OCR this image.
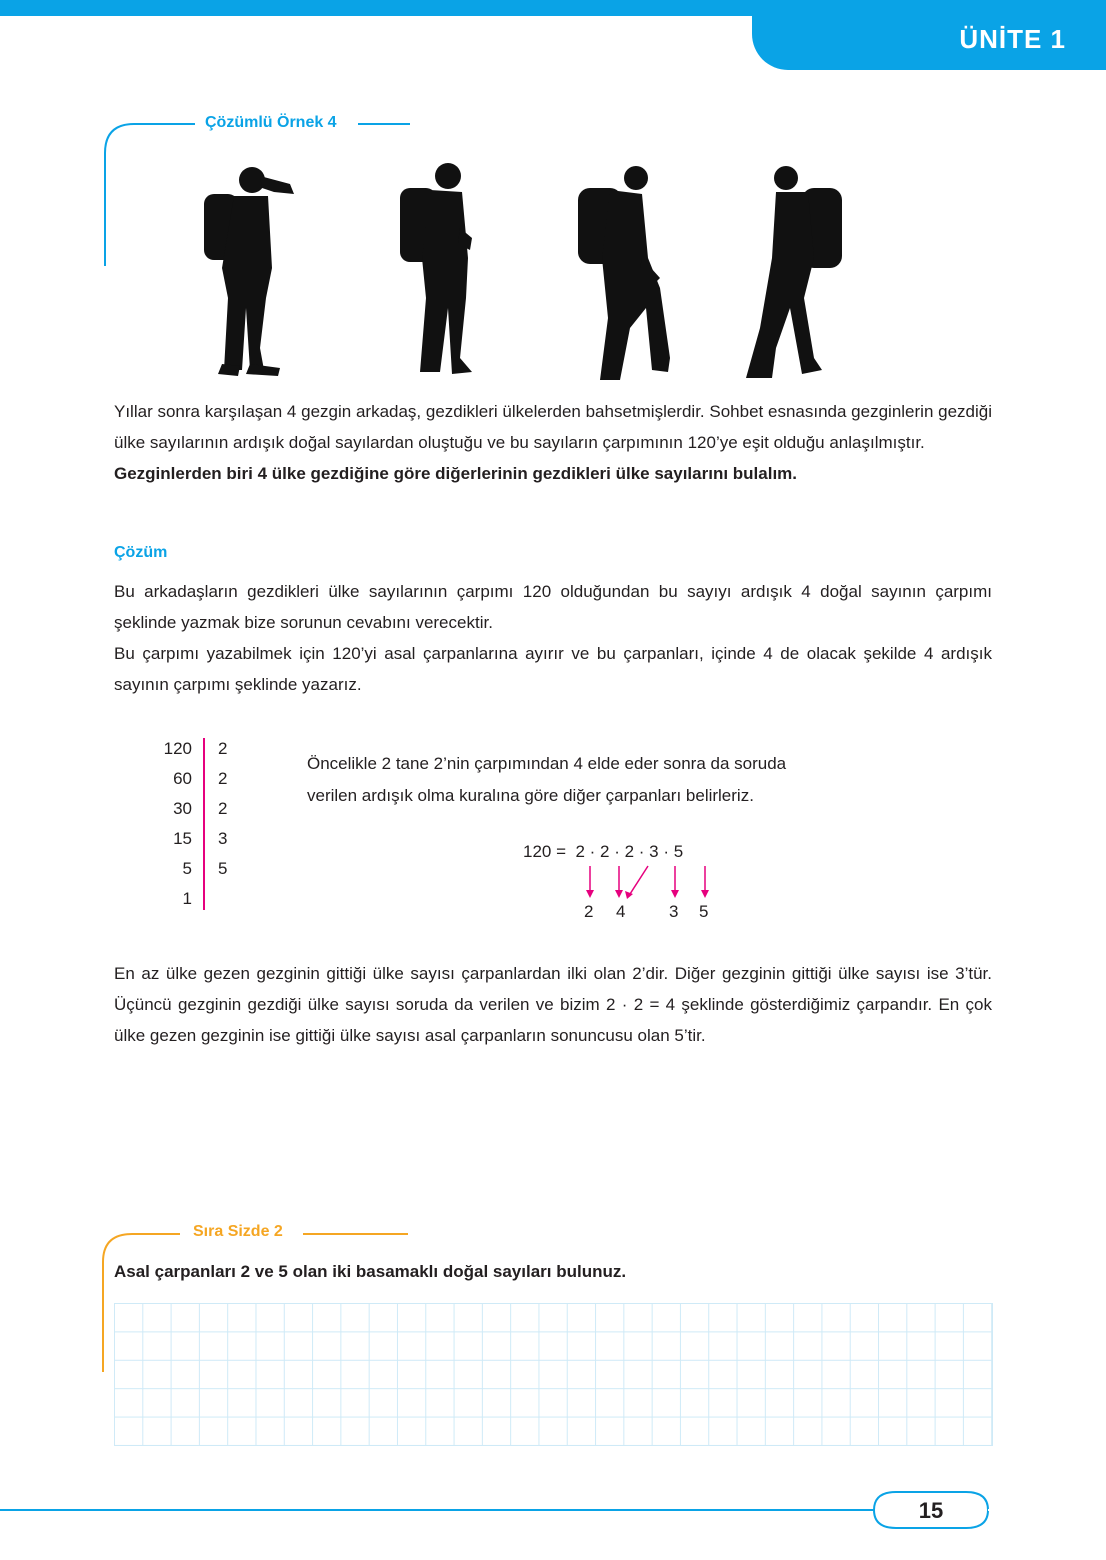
ÜNİTE 1
Çözümlü Örnek 4

Yıllar sonra karşılaşan 4 gezgin arkadaş, gezdikleri ülkelerden bahsetmişlerdir. Sohbet esnasında gezginlerin gezdiği ülke sayılarının ardışık doğal sayılardan oluştuğu ve bu sayıların çarpımının 120’ye eşit olduğu anlaşılmıştır.

Gezginlerden biri 4 ülke gezdiğine göre diğerlerinin gezdikleri ülke sayılarını bulalım.

Çözüm

Bu arkadaşların gezdikleri ülke sayılarının çarpımı 120 olduğundan bu sayıyı ardışık 4 doğal sayının çarpımı şeklinde yazmak bize sorunun cevabını verecektir.

Bu çarpımı yazabilmek için 120’yi asal çarpanlarına ayırır ve bu çarpanları, içinde 4 de olacak şekilde 4 ardışık sayının çarpımı şeklinde yazarız.

120
60
30
15
5
1
2
2
2
3
5
Öncelikle 2 tane 2’nin çarpımından 4 elde eder sonra da soruda
verilen ardışık olma kuralına göre diğer çarpanları belirleriz.
120 =  2 · 2 · 2 · 3 · 5
2 4	3 5

En az ülke gezen gezginin gittiği ülke sayısı çarpanlardan ilki olan 2’dir. Diğer gezginin gittiği ülke sayısı ise 3’tür. Üçüncü gezginin gezdiği ülke sayısı soruda da verilen ve bizim 2 · 2 = 4 şeklinde gösterdiğimiz çarpandır. En çok ülke gezen gezginin ise gittiği ülke sayısı asal çarpanların sonuncusu olan 5’tir.

Sıra Sizde 2
Asal çarpanları 2 ve 5 olan iki basamaklı doğal sayıları bulunuz.
15
